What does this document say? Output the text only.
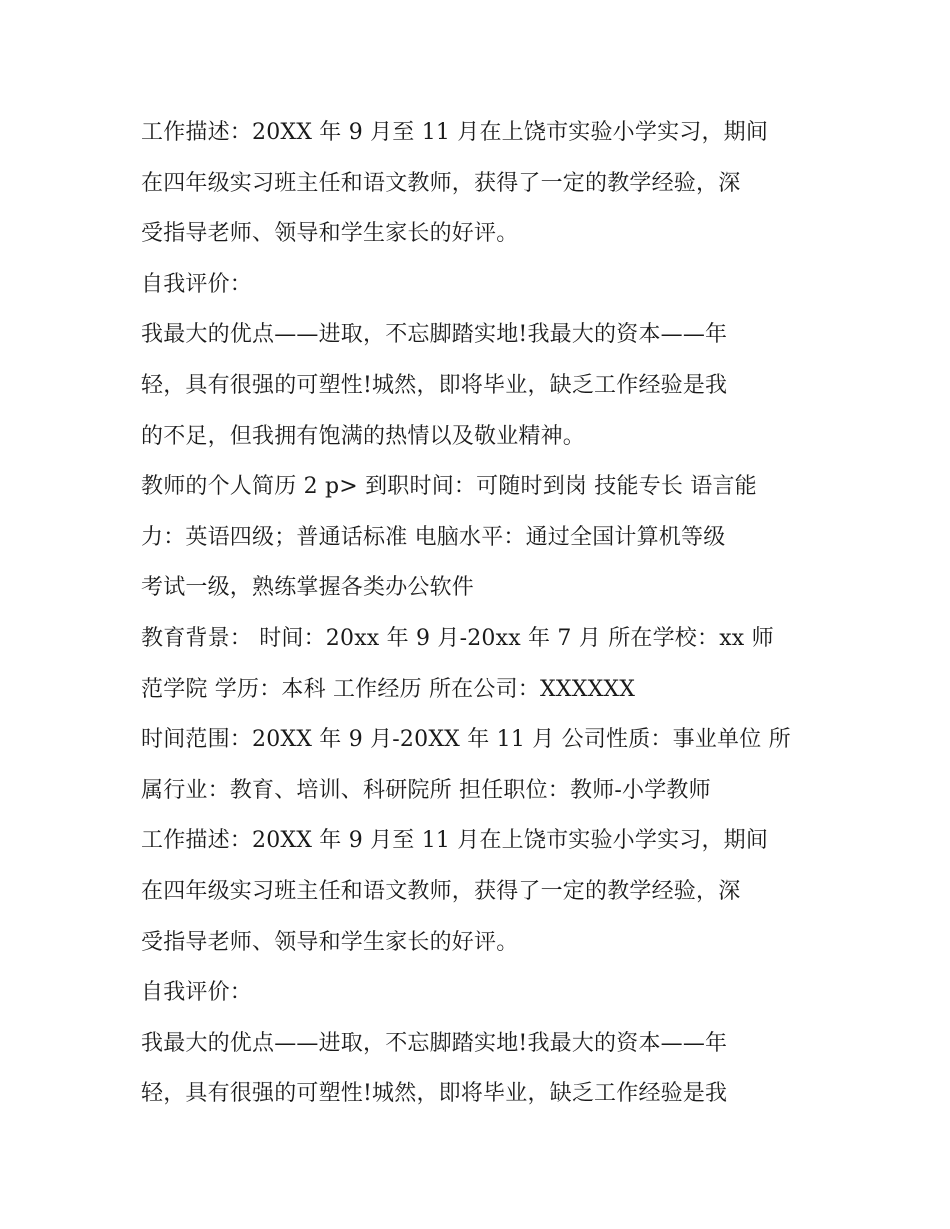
工作描述：20XX 年 9 月至 11 月在上饶市实验小学实习，期间
在四年级实习班主任和语文教师，获得了一定的教学经验，深
受指导老师、领导和学生家长的好评。
自我评价：
我最大的优点——进取，不忘脚踏实地!我最大的资本——年
轻，具有很强的可塑性!城然，即将毕业，缺乏工作经验是我
的不足，但我拥有饱满的热情以及敬业精神。
教师的个人简历 2 p> 到职时间：可随时到岗 技能专长 语言能
力：英语四级；普通话标准 电脑水平：通过全国计算机等级
考试一级，熟练掌握各类办公软件
教育背景： 时间：20xx 年 9 月-20xx 年 7 月 所在学校：xx 师
范学院 学历：本科 工作经历 所在公司：XXXXXX
时间范围：20XX 年 9 月-20XX 年 11 月 公司性质：事业单位 所
属行业：教育、培训、科研院所 担任职位：教师-小学教师
工作描述：20XX 年 9 月至 11 月在上饶市实验小学实习，期间
在四年级实习班主任和语文教师，获得了一定的教学经验，深
受指导老师、领导和学生家长的好评。
自我评价：
我最大的优点——进取，不忘脚踏实地!我最大的资本——年
轻，具有很强的可塑性!城然，即将毕业，缺乏工作经验是我
